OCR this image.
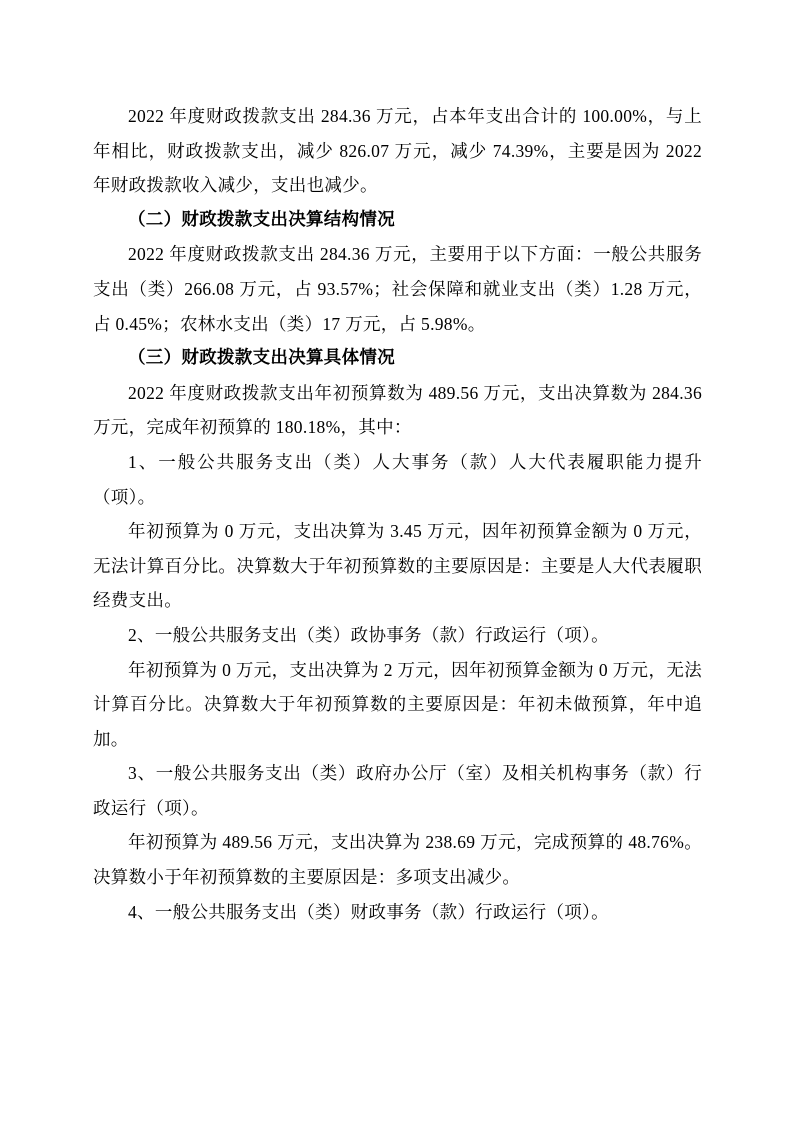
2022 年度财政拨款支出 284.36 万元，占本年支出合计的 100.00%，与上年相比，财政拨款支出，减少 826.07 万元，减少 74.39%，主要是因为 2022 年财政拨款收入减少，支出也减少。

（二）财政拨款支出决算结构情况

2022 年度财政拨款支出 284.36 万元，主要用于以下方面：一般公共服务支出（类）266.08 万元，占 93.57%；社会保障和就业支出（类）1.28 万元，占 0.45%；农林水支出（类）17 万元，占 5.98%。

（三）财政拨款支出决算具体情况

2022 年度财政拨款支出年初预算数为 489.56 万元，支出决算数为 284.36 万元，完成年初预算的 180.18%，其中：

1、一般公共服务支出（类）人大事务（款）人大代表履职能力提升（项）。

年初预算为 0 万元，支出决算为 3.45 万元，因年初预算金额为 0 万元，无法计算百分比。决算数大于年初预算数的主要原因是：主要是人大代表履职经费支出。

2、一般公共服务支出（类）政协事务（款）行政运行（项）。

年初预算为 0 万元，支出决算为 2 万元，因年初预算金额为 0 万元，无法计算百分比。决算数大于年初预算数的主要原因是：年初未做预算，年中追加。

3、一般公共服务支出（类）政府办公厅（室）及相关机构事务（款）行政运行（项）。

年初预算为 489.56 万元，支出决算为 238.69 万元，完成预算的 48.76%。决算数小于年初预算数的主要原因是：多项支出减少。

4、一般公共服务支出（类）财政事务（款）行政运行（项）。
